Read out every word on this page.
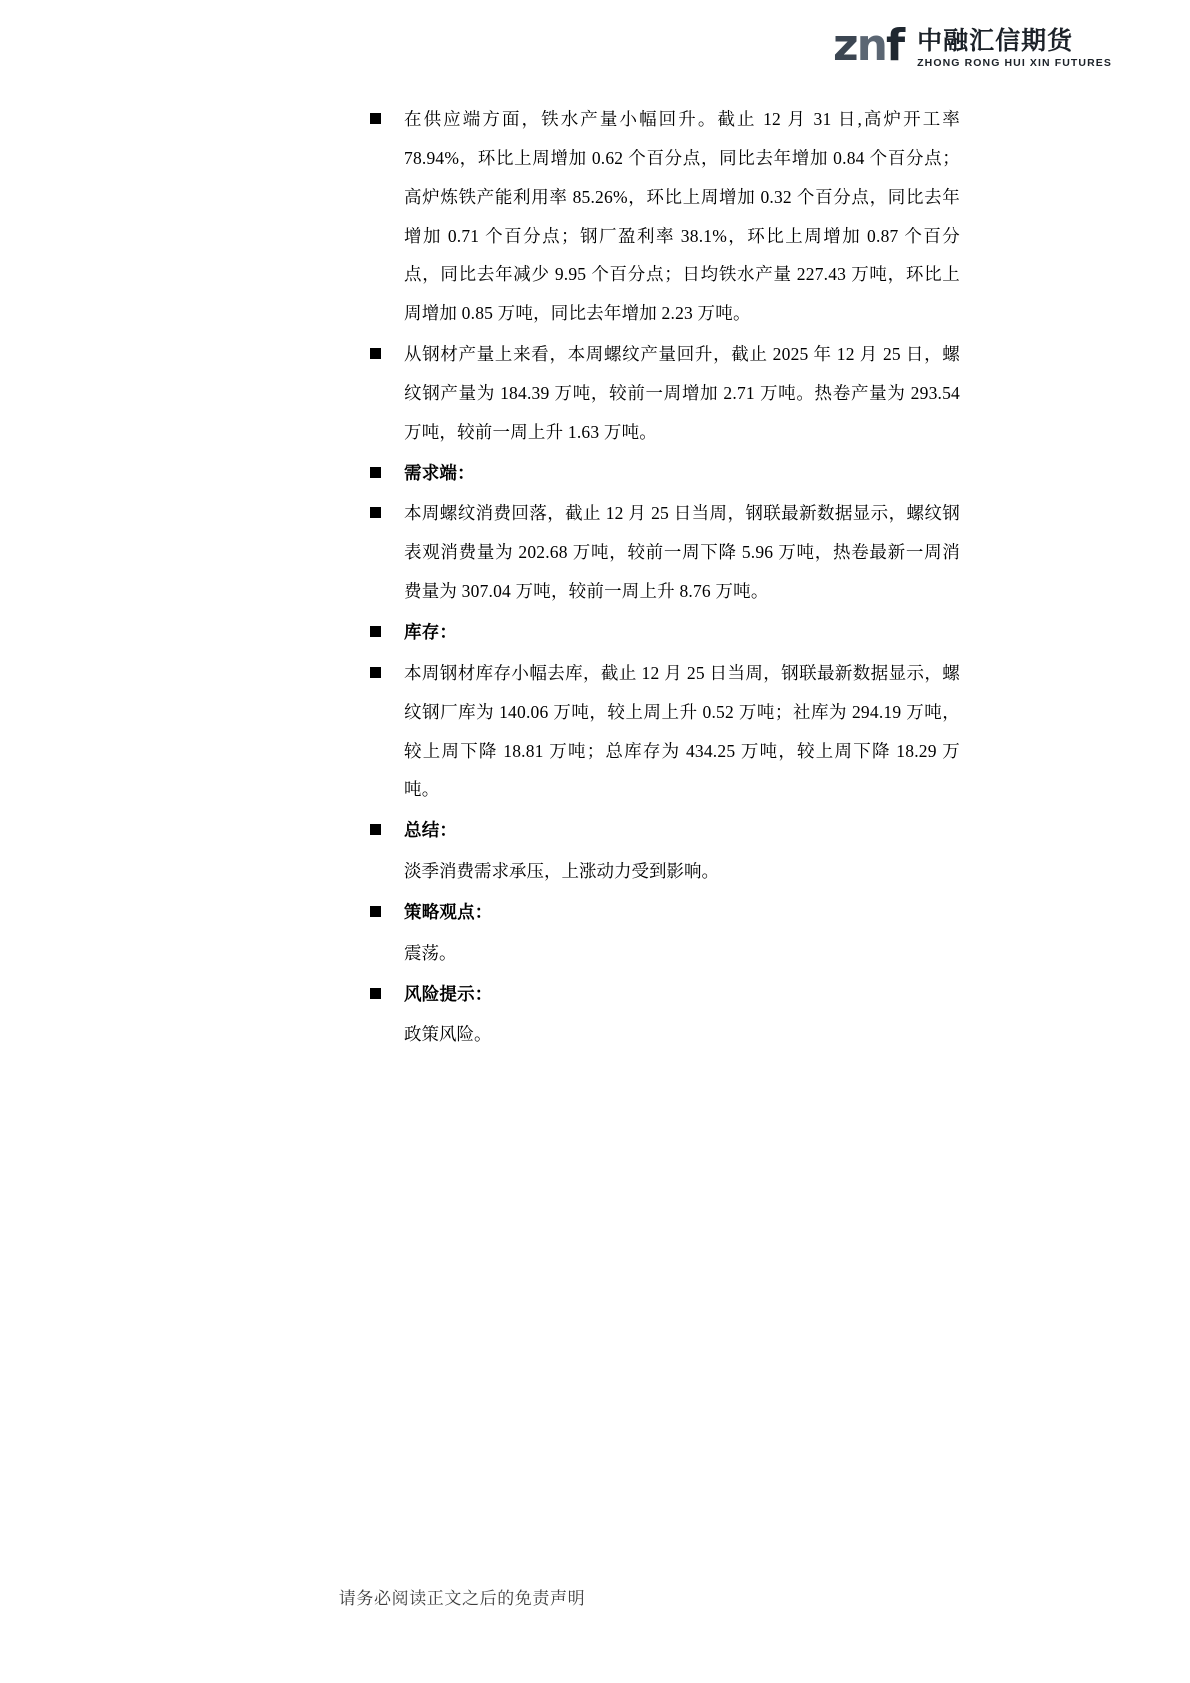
znf 中融汇信期货
ZHONG RONG HUI XIN FUTURES
在供应端方面，铁水产量小幅回升。截止 12 月 31 日,高炉开工率 78.94%，环比上周增加 0.62 个百分点，同比去年增加 0.84 个百分点；高炉炼铁产能利用率 85.26%，环比上周增加 0.32 个百分点，同比去年增加 0.71 个百分点；钢厂盈利率 38.1%，环比上周增加 0.87 个百分点，同比去年减少 9.95 个百分点；日均铁水产量 227.43 万吨，环比上周增加 0.85 万吨，同比去年增加 2.23 万吨。
从钢材产量上来看，本周螺纹产量回升，截止 2025 年 12 月 25 日，螺纹钢产量为 184.39 万吨，较前一周增加 2.71 万吨。热卷产量为 293.54 万吨，较前一周上升 1.63 万吨。
需求端：
本周螺纹消费回落，截止 12 月 25 日当周，钢联最新数据显示，螺纹钢表观消费量为 202.68 万吨，较前一周下降 5.96 万吨，热卷最新一周消费量为 307.04 万吨，较前一周上升 8.76 万吨。
库存：
本周钢材库存小幅去库，截止 12 月 25 日当周，钢联最新数据显示，螺纹钢厂库为 140.06 万吨，较上周上升 0.52 万吨；社库为 294.19 万吨，较上周下降 18.81 万吨；总库存为 434.25 万吨，较上周下降 18.29 万吨。
总结：

淡季消费需求承压，上涨动力受到影响。

策略观点：

震荡。

风险提示：

政策风险。

请务必阅读正文之后的免责声明
